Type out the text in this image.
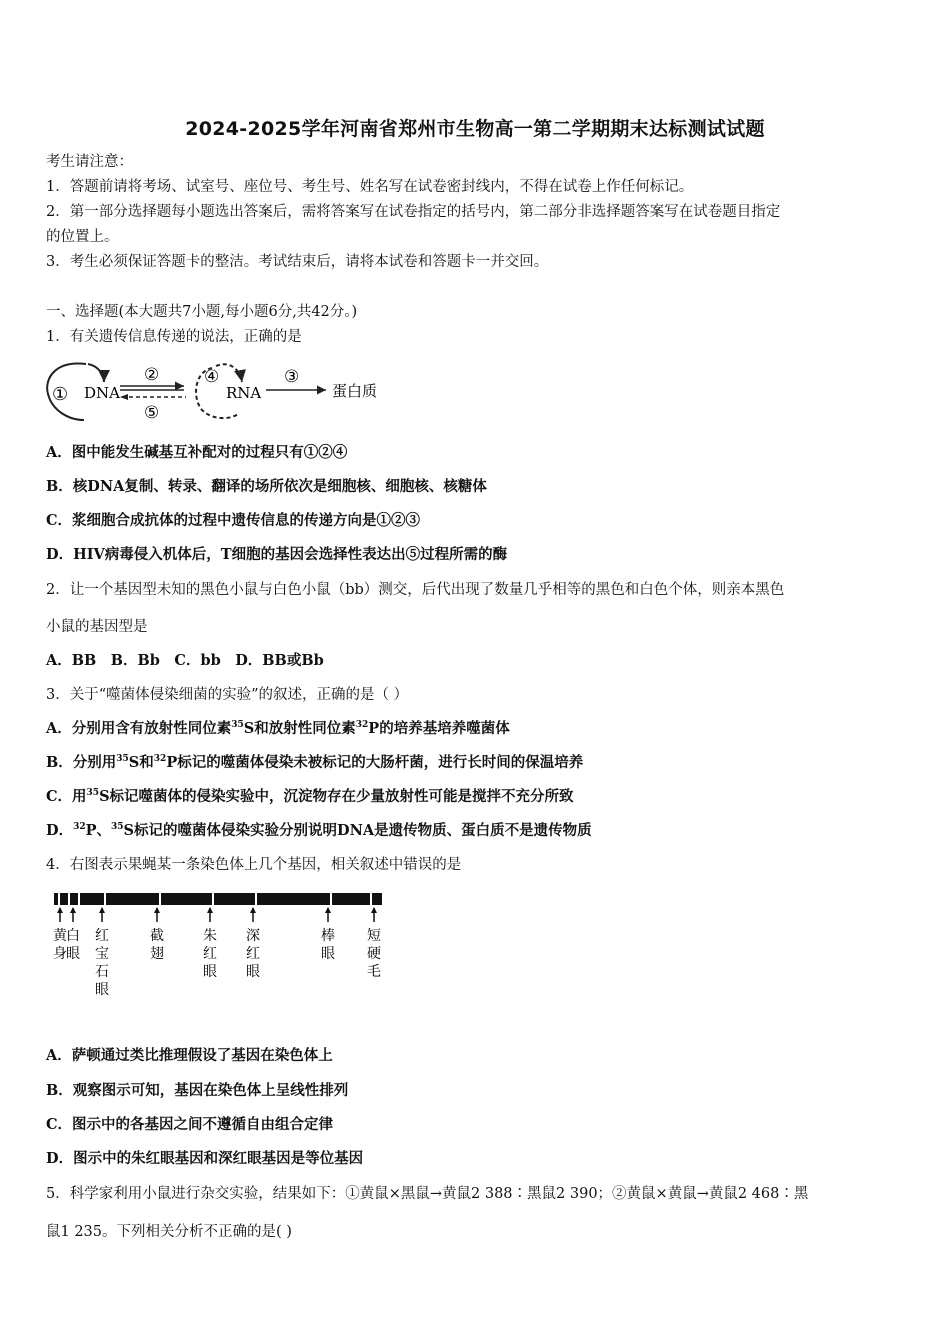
2024-2025学年河南省郑州市生物高一第二学期期末达标测试试题
考生请注意：
1．答题前请将考场、试室号、座位号、考生号、姓名写在试卷密封线内，不得在试卷上作任何标记。
2．第一部分选择题每小题选出答案后，需将答案写在试卷指定的括号内，第二部分非选择题答案写在试卷题目指定
的位置上。
3．考生必须保证答题卡的整洁。考试结束后，请将本试卷和答题卡一并交回。
一、选择题(本大题共7小题,每小题6分,共42分。)
1．有关遗传信息传递的说法，正确的是
① DNA
②
⑤
④
RNA
③
蛋白质
A．图中能发生碱基互补配对的过程只有①②④
B．核DNA复制、转录、翻译的场所依次是细胞核、细胞核、核糖体
C．浆细胞合成抗体的过程中遗传信息的传递方向是①②③
D．HIV病毒侵入机体后，T细胞的基因会选择性表达出⑤过程所需的酶
2．让一个基因型未知的黑色小鼠与白色小鼠（bb）测交，后代出现了数量几乎相等的黑色和白色个体，则亲本黑色
小鼠的基因型是
A．BB　B．Bb　C．bb　D．BB或Bb
3．关于“噬菌体侵染细菌的实验”的叙述，正确的是（ ）
A．分别用含有放射性同位素$^{35}$S和放射性同位素$^{32}$P的培养基培养噬菌体
B．分别用$^{35}$S和$^{32}$P标记的噬菌体侵染未被标记的大肠杆菌，进行长时间的保温培养
C．用$^{35}$S标记噬菌体的侵染实验中，沉淀物存在少量放射性可能是搅拌不充分所致
D．$^{32}$P、$^{35}$S标记的噬菌体侵染实验分别说明DNA是遗传物质、蛋白质不是遗传物质
4．右图表示果蝇某一条染色体上几个基因，相关叙述中错误的是
黄身
白眼
红宝石眼
截翅
朱红眼
深红眼
棒眼
短硬毛
A．萨顿通过类比推理假设了基因在染色体上
B．观察图示可知，基因在染色体上呈线性排列
C．图示中的各基因之间不遵循自由组合定律
D．图示中的朱红眼基因和深红眼基因是等位基因
5．科学家利用小鼠进行杂交实验，结果如下：①黄鼠×黑鼠→黄鼠2 388∶黑鼠2 390；②黄鼠×黄鼠→黄鼠2 468∶黑
鼠1 235。下列相关分析不正确的是( )
